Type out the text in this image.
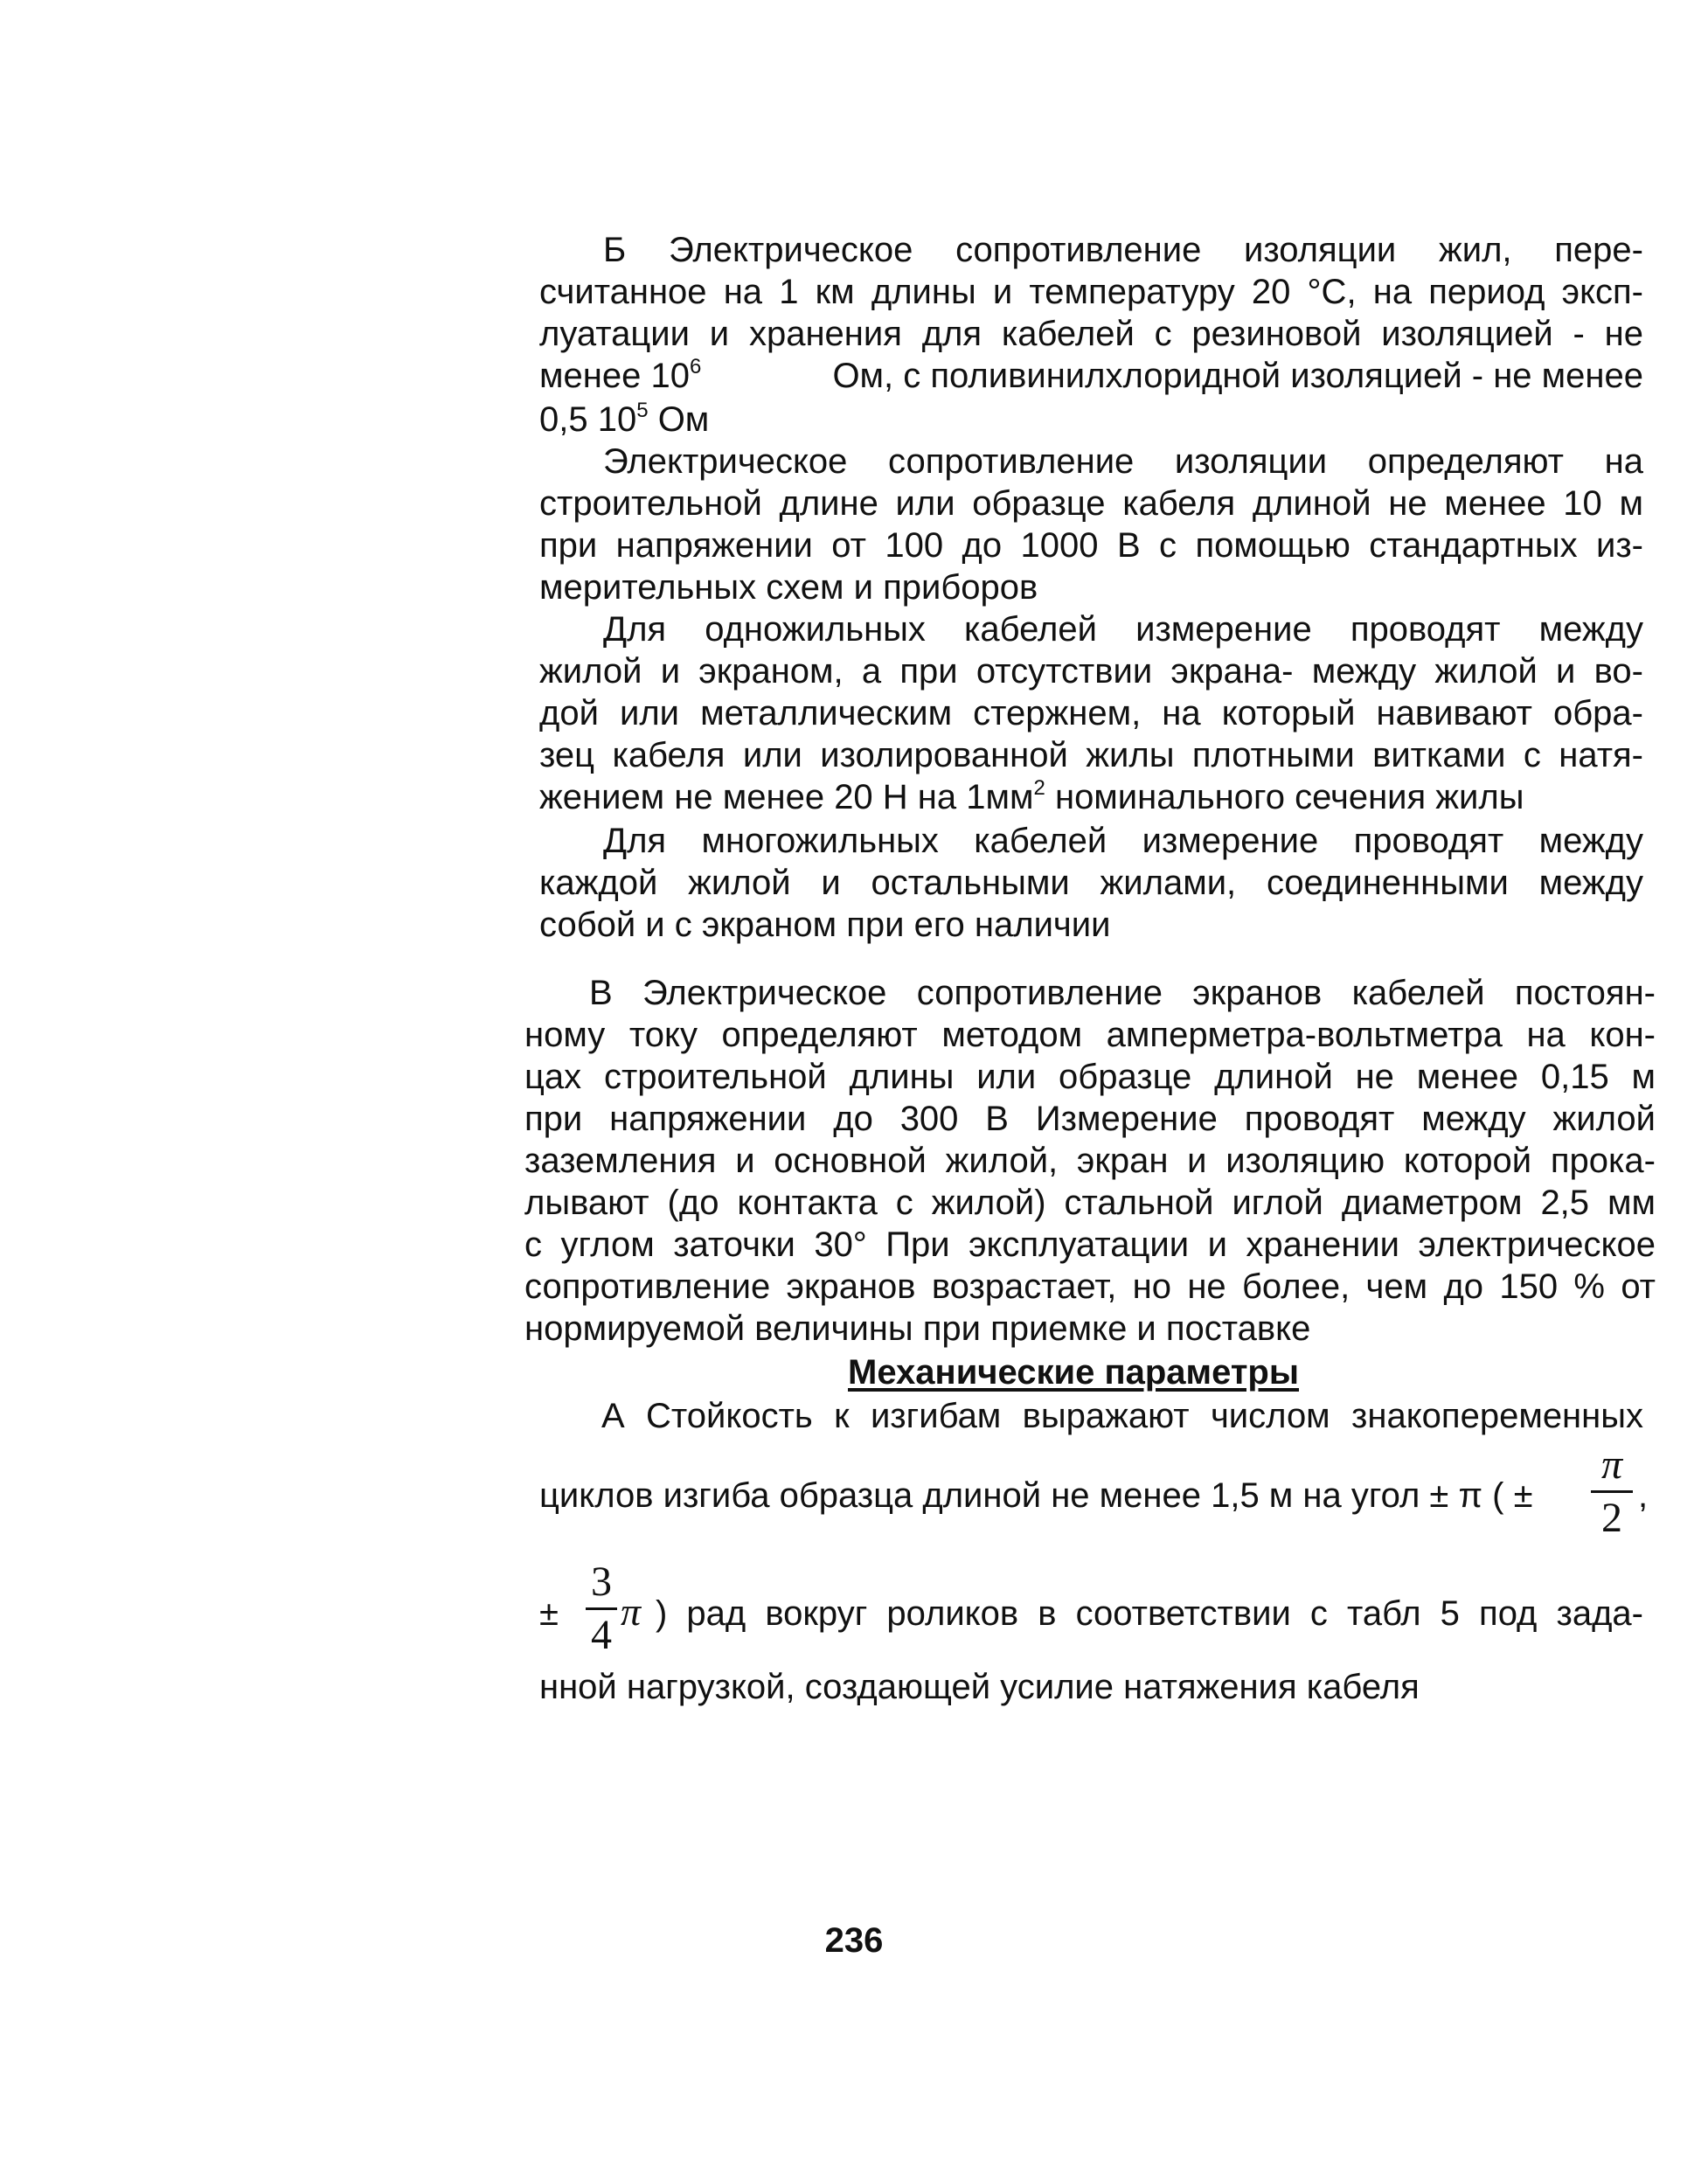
Б Электрическое сопротивление изоляции жил, пере-
считанное на 1 км длины и температуру 20 °С, на период эксп-
луатации и хранения для кабелей с резиновой изоляцией - не
менее $10^6$	Ом, с поливинилхлоридной изоляцией - не менее
0,5 $10^5$ Ом
Электрическое сопротивление изоляции определяют на
строительной длине или образце кабеля длиной не менее 10 м
при напряжении от 100 до 1000 В с помощью стандартных из-
мерительных схем и приборов
Для одножильных кабелей измерение проводят между
жилой и экраном, а при отсутствии экрана- между жилой и во-
дой или металлическим стержнем, на который навивают обра-
зец кабеля или изолированной жилы плотными витками с натя-
жением не менее 20 Н на $1мм^2$ номинального сечения жилы
Для многожильных кабелей измерение проводят между
каждой жилой и остальными жилами, соединенными между
собой и с экраном при его наличии
В Электрическое сопротивление экранов кабелей постоян-
ному току определяют методом амперметра-вольтметра на кон-
цах строительной длины или образце длиной не менее 0,15 м
при напряжении до 300 В Измерение проводят между жилой
заземления и основной жилой, экран и изоляцию которой прока-
лывают (до контакта с жилой) стальной иглой диаметром 2,5 мм
с углом заточки 30° При эксплуатации и хранении электрическое
сопротивление экранов возрастает, но не более, чем до 150 % от
нормируемой величины при приемке и поставке
Механические параметры
А Стойкость к изгибам выражают числом знакопеременных
циклов изгиба образца длиной не менее 1,5 м на угол ± π ( ±
π
2 ,
±
3
4
π ) рад вокруг роликов в соответствии с табл 5 под зада-
нной нагрузкой, создающей усилие натяжения кабеля
236
